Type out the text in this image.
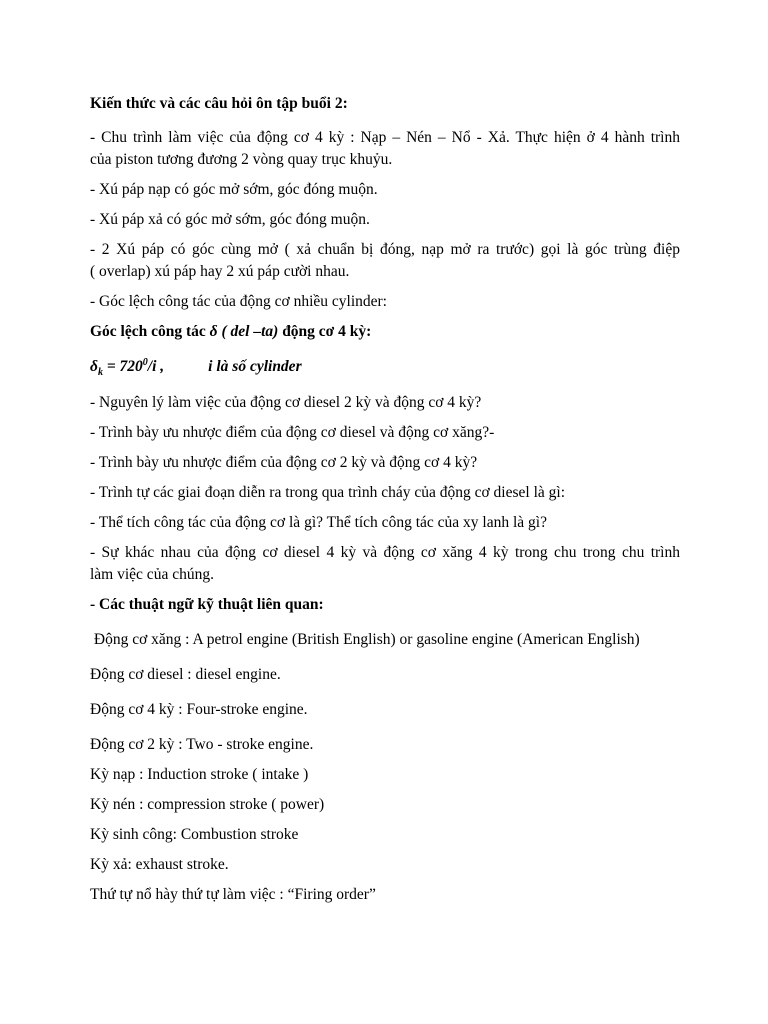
Kiến thức và các câu hỏi ôn tập buổi 2:

- Chu trình làm việc của động cơ 4 kỳ : Nạp – Nén – Nổ - Xả. Thực hiện ở 4 hành trình

của piston tương đương 2 vòng quay trục khuỷu.

- Xú páp nạp có góc mở sớm, góc đóng muộn.

- Xú páp xả có góc mở sớm, góc đóng muộn.

- 2 Xú páp có góc cùng mở ( xả chuẩn bị đóng, nạp mở ra trước) gọi là góc trùng điệp

( overlap) xú páp hay 2 xú páp cười nhau.

- Góc lệch công tác của động cơ nhiều cylinder:

Góc lệch công tác δ ( del –ta) động cơ 4 kỳ:

$\delta_k = 720^0/i$ ,	i là số cylinder

- Nguyên lý làm việc của động cơ diesel 2 kỳ và động cơ 4 kỳ?

- Trình bày ưu nhược điểm của động cơ diesel và động cơ xăng?-

- Trình bày ưu nhược điểm của động cơ 2 kỳ và động cơ 4 kỳ?

- Trình tự các giai đoạn diễn ra trong qua trình cháy của động cơ diesel là gì:

- Thể tích công tác của động cơ là gì? Thể tích công tác của xy lanh là gì?

- Sự khác nhau của động cơ diesel 4 kỳ và động cơ xăng 4 kỳ trong chu trong chu trình

làm việc của chúng.

- Các thuật ngữ kỹ thuật liên quan:

Động cơ xăng : A petrol engine (British English) or gasoline engine (American English)

Động cơ diesel : diesel engine.

Động cơ 4 kỳ : Four-stroke engine.

Động cơ 2 kỳ : Two - stroke engine.

Kỳ nạp : Induction stroke ( intake )

Kỳ nén : compression stroke ( power)

Kỳ sinh công: Combustion stroke

Kỳ xả: exhaust stroke.

Thứ tự nổ hày thứ tự làm việc : “Firing order”
